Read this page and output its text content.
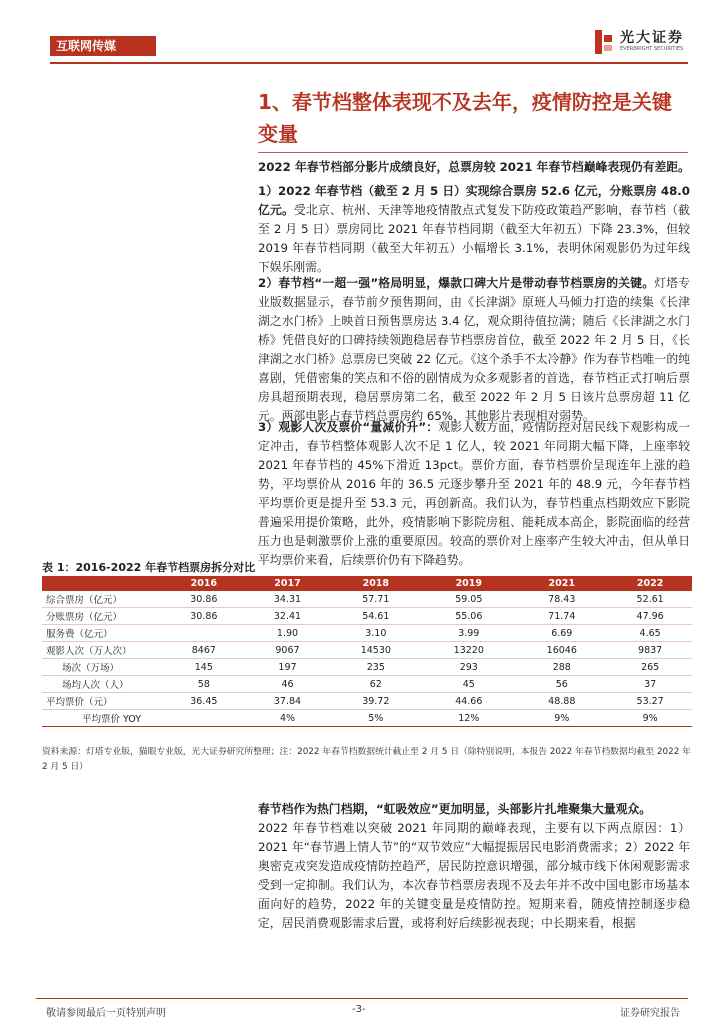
互联网传媒	光大证券
EVERBRIGHT SECURITIES
1、春节档整体表现不及去年，疫情防控是关键变量

2022 年春节档部分影片成绩良好，总票房较 2021 年春节档巅峰表现仍有差距。

1）2022 年春节档（截至 2 月 5 日）实现综合票房 52.6 亿元，分账票房 48.0 亿元。受北京、杭州、天津等地疫情散点式复发下防疫政策趋严影响，春节档（截至 2 月 5 日）票房同比 2021 年春节档同期（截至大年初五）下降 23.3%，但较 2019 年春节档同期（截至大年初五）小幅增长 3.1%，表明休闲观影仍为过年线下娱乐刚需。

2）春节档“一超一强”格局明显，爆款口碑大片是带动春节档票房的关键。灯塔专业版数据显示，春节前夕预售期间，由《长津湖》原班人马倾力打造的续集《长津湖之水门桥》上映首日预售票房达 3.4 亿，观众期待值拉满；随后《长津湖之水门桥》凭借良好的口碑持续领跑稳居春节档票房首位，截至 2022 年 2 月 5 日，《长津湖之水门桥》总票房已突破 22 亿元。《这个杀手不太冷静》作为春节档唯一的纯喜剧，凭借密集的笑点和不俗的剧情成为众多观影者的首选，春节档正式打响后票房具超预期表现，稳居票房第二名，截至 2022 年 2 月 5 日该片总票房超 11 亿元。两部电影占春节档总票房约 65%，其他影片表现相对弱势。

3）观影人次及票价“量减价升”：观影人数方面，疫情防控对居民线下观影构成一定冲击，春节档整体观影人次不足 1 亿人，较 2021 年同期大幅下降，上座率较 2021 年春节档的 45%下滑近 13pct。票价方面，春节档票价呈现连年上涨的趋势，平均票价从 2016 年的 36.5 元逐步攀升至 2021 年的 48.9 元，今年春节档平均票价更是提升至 53.3 元，再创新高。我们认为，春节档重点档期效应下影院普遍采用提价策略，此外，疫情影响下影院房租、能耗成本高企，影院面临的经营压力也是刺激票价上涨的重要原因。较高的票价对上座率产生较大冲击，但从单日平均票价来看，后续票价仍有下降趋势。

表 1：2016-2022 年春节档票房拆分对比
	2016	2017	2018	2019	2021	2022
综合票房（亿元）	30.86	34.31	57.71	59.05	78.43	52.61
分账票房（亿元）	30.86	32.41	54.61	55.06	71.74	47.96
服务费（亿元）		1.90	3.10	3.99	6.69	4.65
观影人次（万人次）	8467	9067	14530	13220	16046	9837
场次（万场）	145	197	235	293	288	265
场均人次（人）	58	46	62	45	56	37
平均票价（元）	36.45	37.84	39.72	44.66	48.88	53.27
平均票价 YOY		4%	5%	12%	9%	9%
资料来源：灯塔专业版，猫眼专业版，光大证券研究所整理；注：2022 年春节档数据统计截止至 2 月 5 日（除特别说明，本报告 2022 年春节档数据均截至 2022 年 2 月 5 日）

春节档作为热门档期，“虹吸效应”更加明显，头部影片扎堆聚集大量观众。
2022 年春节档难以突破 2021 年同期的巅峰表现，主要有以下两点原因：1）2021 年“春节遇上情人节”的“双节效应”大幅提振居民电影消费需求；2）2022 年奥密克戎突发造成疫情防控趋严，居民防控意识增强，部分城市线下休闲观影需求受到一定抑制。我们认为，本次春节档票房表现不及去年并不改中国电影市场基本面向好的趋势，2022 年的关键变量是疫情防控。短期来看，随疫情控制逐步稳定，居民消费观影需求后置，或将利好后续影视表现；中长期来看，根据

敬请参阅最后一页特别声明	-3-	证券研究报告
